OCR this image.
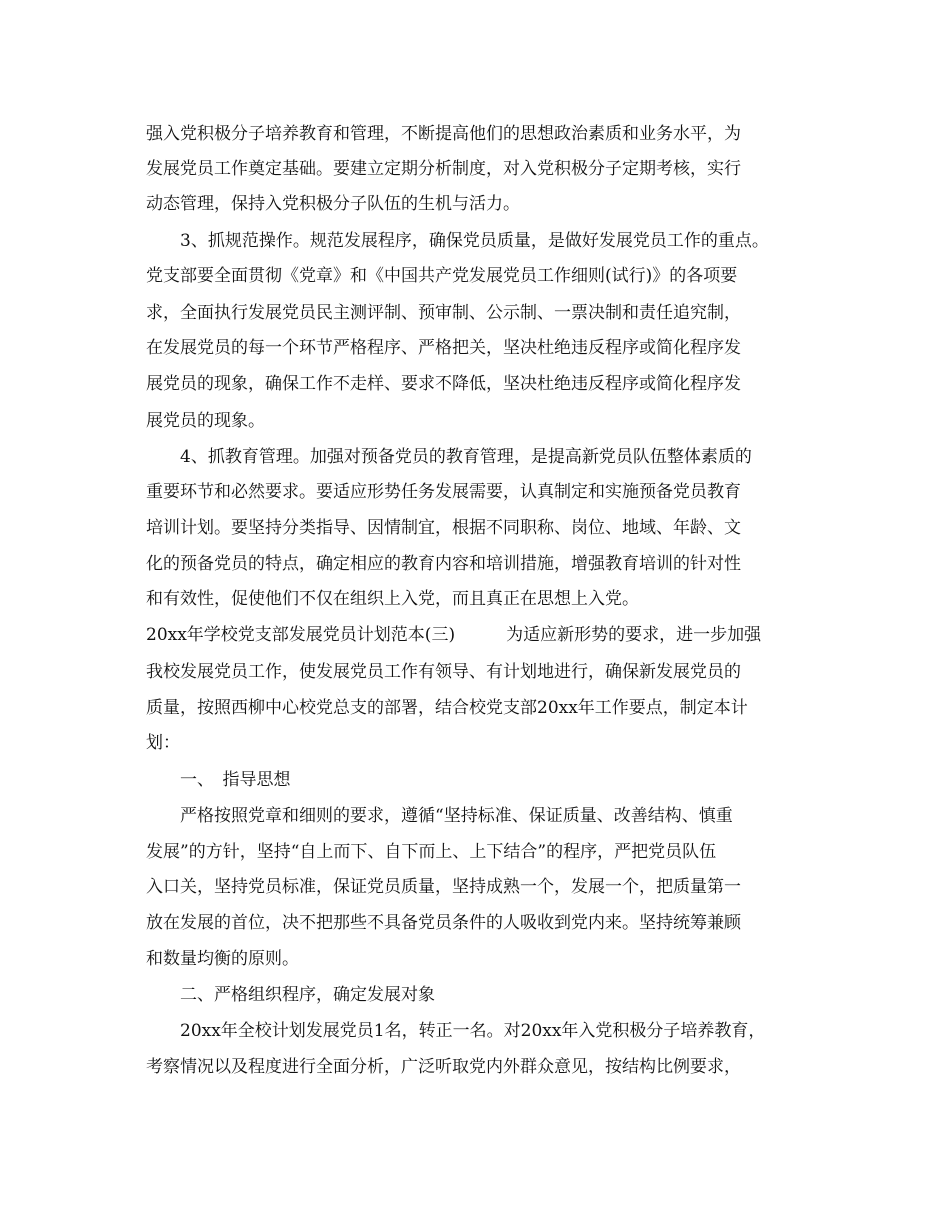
强入党积极分子培养教育和管理，不断提高他们的思想政治素质和业务水平，为
发展党员工作奠定基础。要建立定期分析制度，对入党积极分子定期考核，实行
动态管理，保持入党积极分子队伍的生机与活力。
　　3、抓规范操作。规范发展程序，确保党员质量，是做好发展党员工作的重点。
党支部要全面贯彻《党章》和《中国共产党发展党员工作细则(试行)》的各项要
求，全面执行发展党员民主测评制、预审制、公示制、一票决制和责任追究制，
在发展党员的每一个环节严格程序、严格把关，坚决杜绝违反程序或简化程序发
展党员的现象，确保工作不走样、要求不降低，坚决杜绝违反程序或简化程序发
展党员的现象。
　　4、抓教育管理。加强对预备党员的教育管理，是提高新党员队伍整体素质的
重要环节和必然要求。要适应形势任务发展需要，认真制定和实施预备党员教育
培训计划。要坚持分类指导、因情制宜，根据不同职称、岗位、地域、年龄、文
化的预备党员的特点，确定相应的教育内容和培训措施，增强教育培训的针对性
和有效性，促使他们不仅在组织上入党，而且真正在思想上入党。
20xx年学校党支部发展党员计划范本(三)　　　为适应新形势的要求，进一步加强
我校发展党员工作，使发展党员工作有领导、有计划地进行，确保新发展党员的
质量，按照西柳中心校党总支的部署，结合校党支部20xx年工作要点，制定本计
划：
　　一、　指导思想
　　严格按照党章和细则的要求，遵循“坚持标准、保证质量、改善结构、慎重
发展”的方针，坚持“自上而下、自下而上、上下结合”的程序，严把党员队伍
入口关，坚持党员标准，保证党员质量，坚持成熟一个，发展一个，把质量第一
放在发展的首位，决不把那些不具备党员条件的人吸收到党内来。坚持统筹兼顾
和数量均衡的原则。
　　二、严格组织程序，确定发展对象
　　20xx年全校计划发展党员1名，转正一名。对20xx年入党积极分子培养教育，
考察情况以及程度进行全面分析，广泛听取党内外群众意见，按结构比例要求，
